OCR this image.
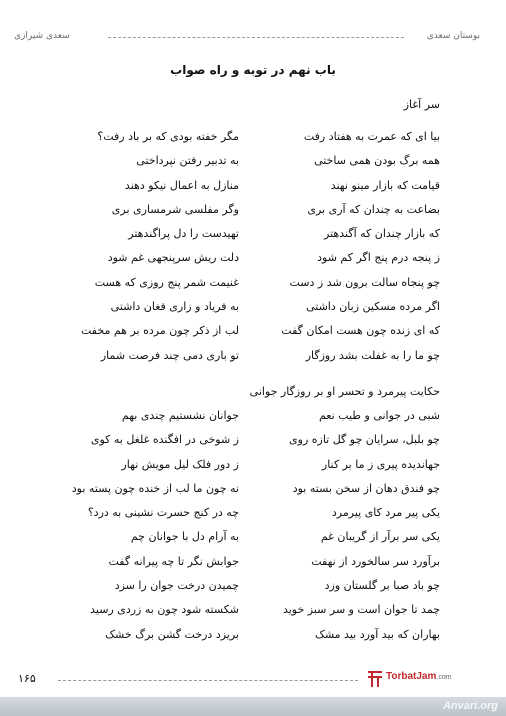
سعدی شیرازی	بوستان سعدی
باب نهم در توبه و راه صواب
سر آغاز
بیا ای که عمرت به هفتاد رفت
مگر خفته بودی که بر باد رفت؟
همه برگ بودن همی ساختی
به تدبیر رفتن نپرداختی
قیامت که بازار مینو نهند
منازل به اعمال نیکو دهند
بضاعت به چندان که آری بری
وگر مفلسی شرمساری بری
که بازار چندان که آگندهتر
تهیدست را دل پراگندهتر
ز پنجه درم پنج اگر کم شود
دلت ریش سرپنجهی غم شود
چو پنجاه سالت برون شد ز دست
غنیمت شمر پنج روزی که هست
اگر مرده مسکین زبان داشتی
به فریاد و زاری فغان داشتی
که ای زنده چون هست امکان گفت
لب از ذکر چون مرده بر هم مخفت
چو ما را به غفلت بشد روزگار
تو باری دمی چند فرصت شمار
حکایت پیرمرد و تحسر او بر روزگار جوانی
شبی در جوانی و طیب نعم
جوانان نشستیم چندی بهم
چو بلبل، سرایان چو گل تازه روی
ز شوخی در افگنده غلغل به کوی
جهاندیده پیری ز ما بر کنار
ز دور فلک لیل مویش نهار
چو فندق دهان از سخن بسته بود
نه چون ما لب از خنده چون پسته بود
یکی پیر مرد کای پیرمرد
چه در کنج حسرت نشینی به درد؟
یکی سر برآر از گریبان غم
به آرام دل با جوانان چم
برآورد سر سالخورد از نهفت
جوابش نگر تا چه پیرانه گفت
چو باد صبا بر گلستان وزد
چمیدن درخت جوان را سزد
چمد تا جوان است و سر سبز خوید
شکسته شود چون به زردی رسید
بهاران که بید آورد بید مشک
بریزد درخت گشن برگ خشک
۱۶۵	TorbatJam.com
Anvari.org
